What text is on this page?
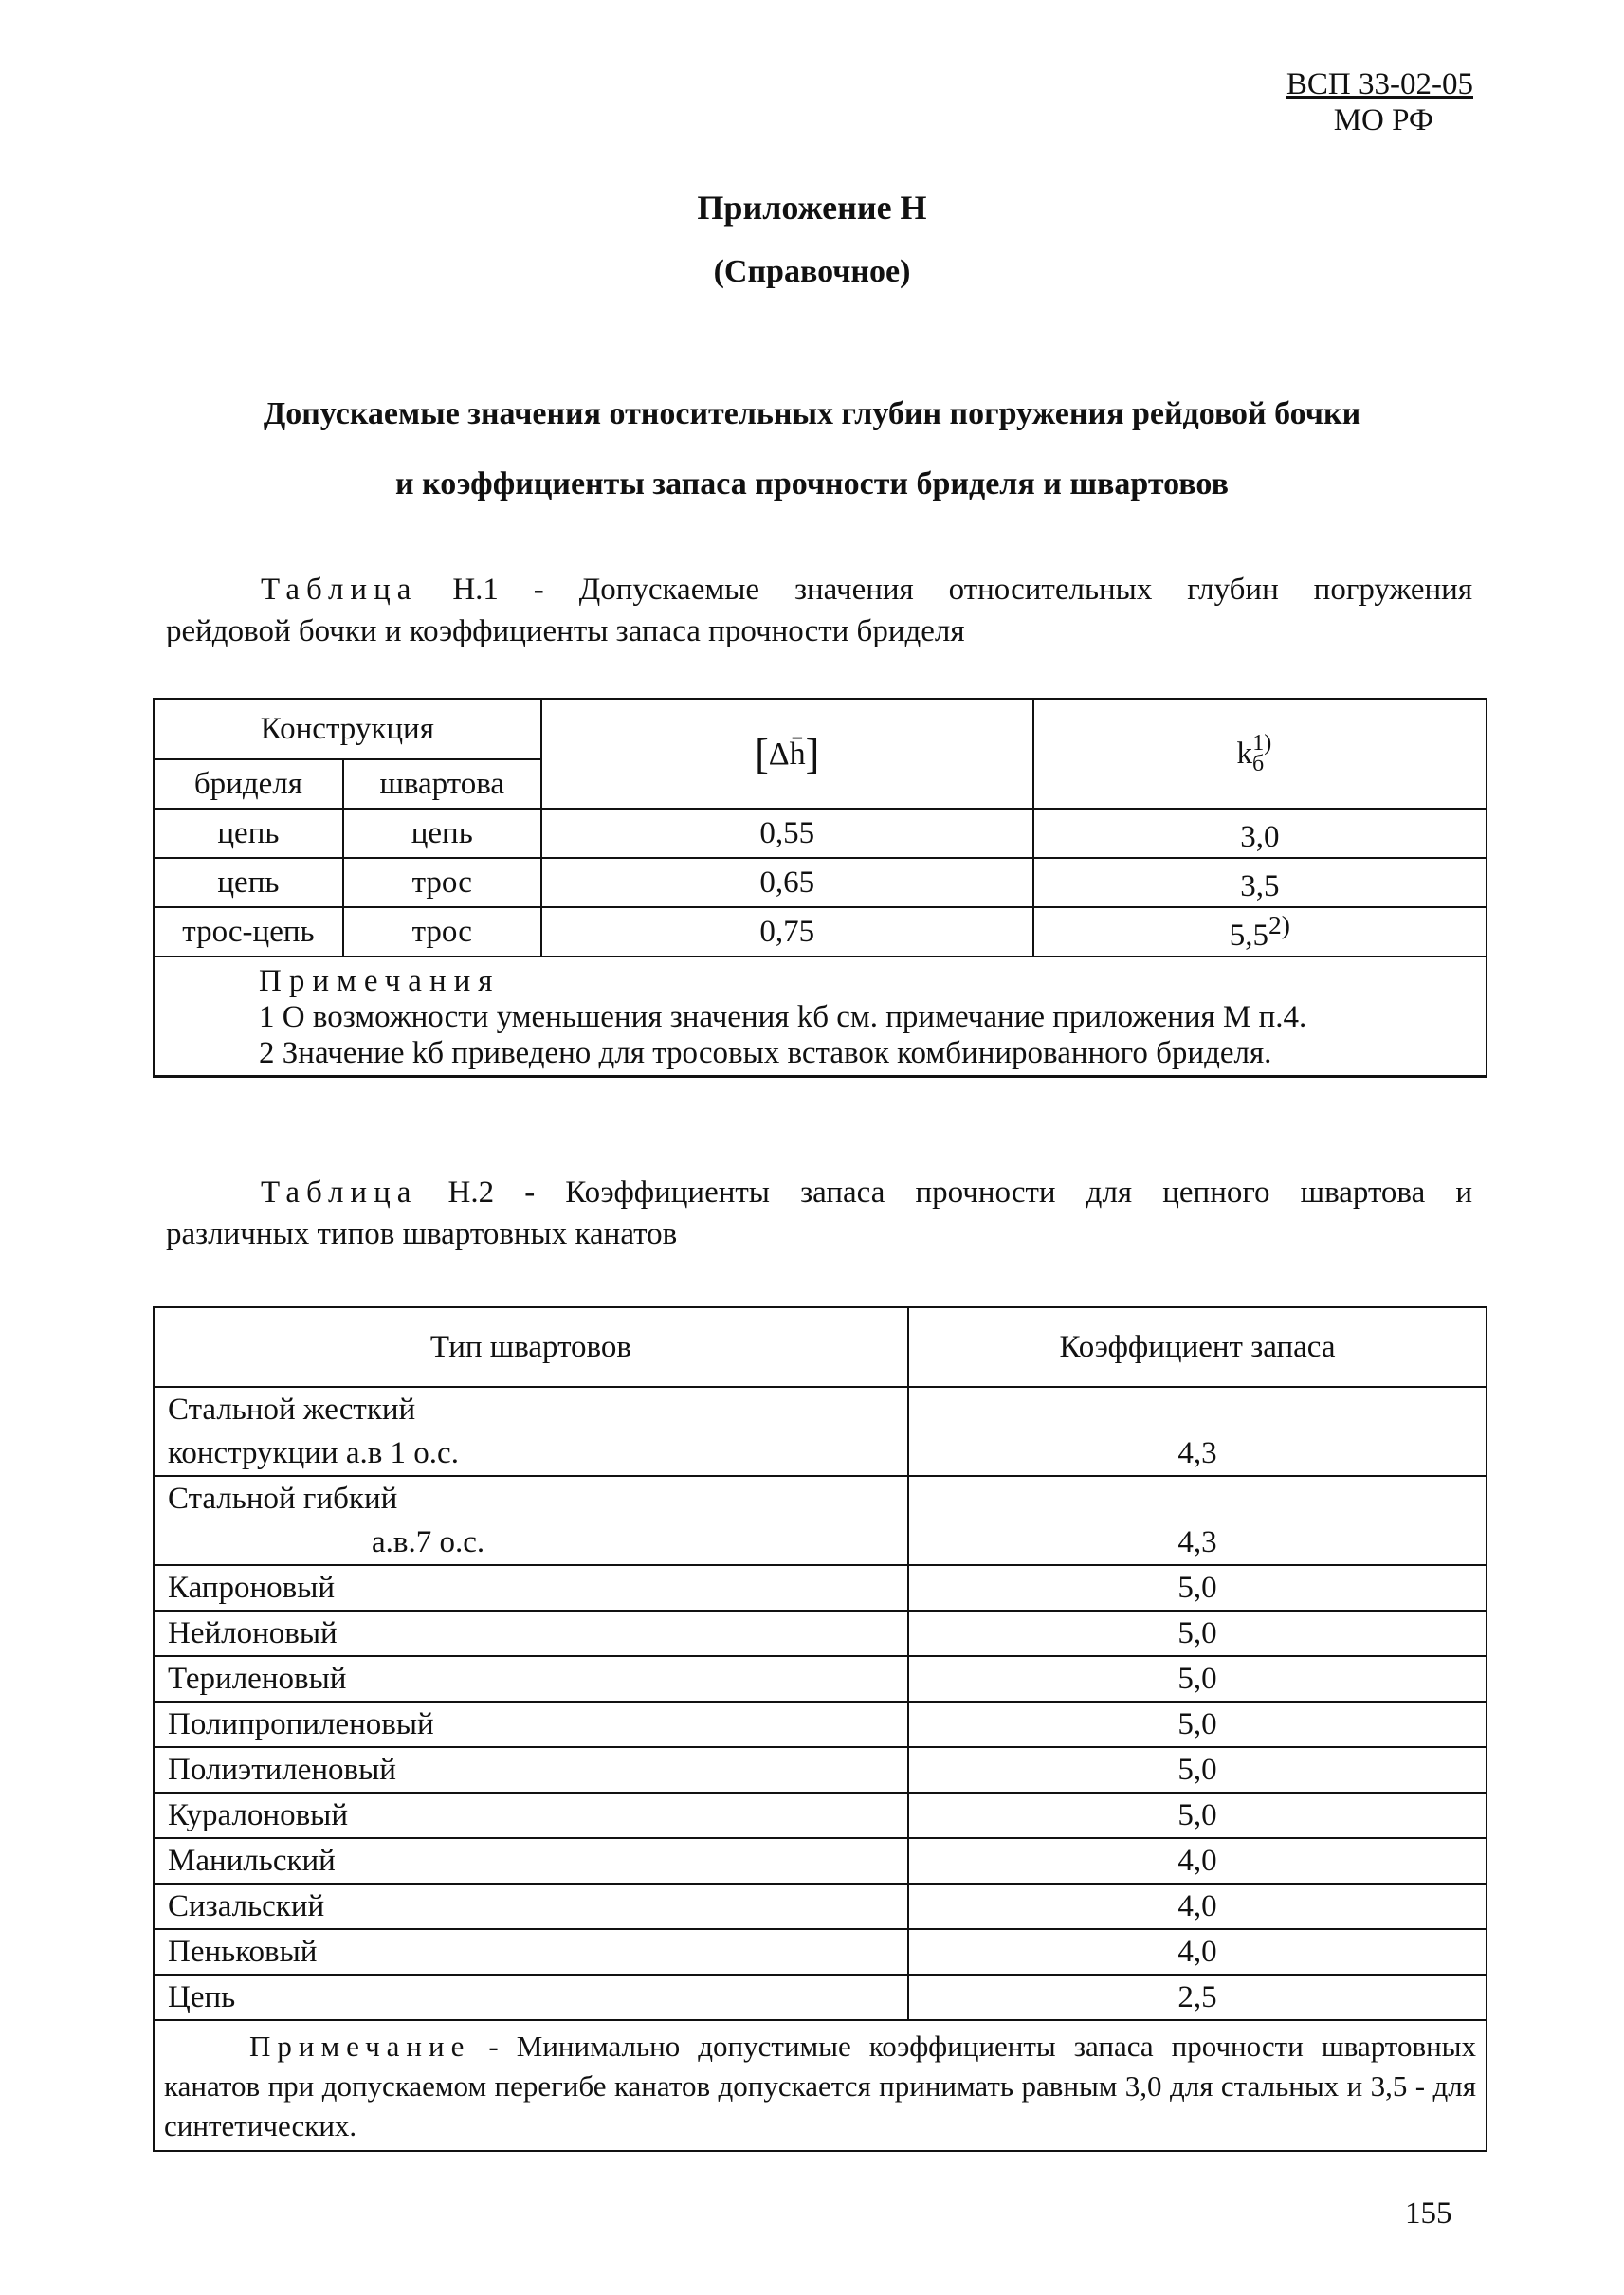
ВСП 33-02-05
МО РФ
Приложение Н
(Справочное)
Допускаемые значения относительных глубин погружения рейдовой бочки
и коэффициенты запаса прочности бриделя и швартовов
Таблица Н.1 - Допускаемые значения относительных глубин погружения
рейдовой бочки и коэффициенты запаса прочности бриделя
Конструкция		[Δh̄]	$k_б^{1)}$
бриделя	швартова		
цепь	цепь	0,55	3,0
цепь	трос	0,65	3,5
трос-цепь	трос	0,75	5,5$^{2)}$

Примечания
1 О возможности уменьшения значения kб см. примечание приложения М п.4.
2 Значение kб приведено для тросовых вставок комбинированного бриделя.			
Таблица Н.2 - Коэффициенты запаса прочности для цепного швартова и
различных типов швартовных канатов
Тип швартовов	Коэффициент запаса

Стальной жесткий
конструкции а.в 1 о.с.	4,3

Стальной гибкий
а.в.7 о.с.	4,3
Капроновый	5,0
Нейлоновый	5,0
Териленовый	5,0
Полипропиленовый	5,0
Полиэтиленовый	5,0
Куралоновый	5,0
Манильский	4,0
Сизальский	4,0
Пеньковый	4,0
Цепь	2,5

Примечание - Минимально допустимые коэффициенты запаса прочности швартовных канатов при допускаемом перегибе канатов допускается принимать равным 3,0 для стальных и 3,5 - для синтетических.	
155
